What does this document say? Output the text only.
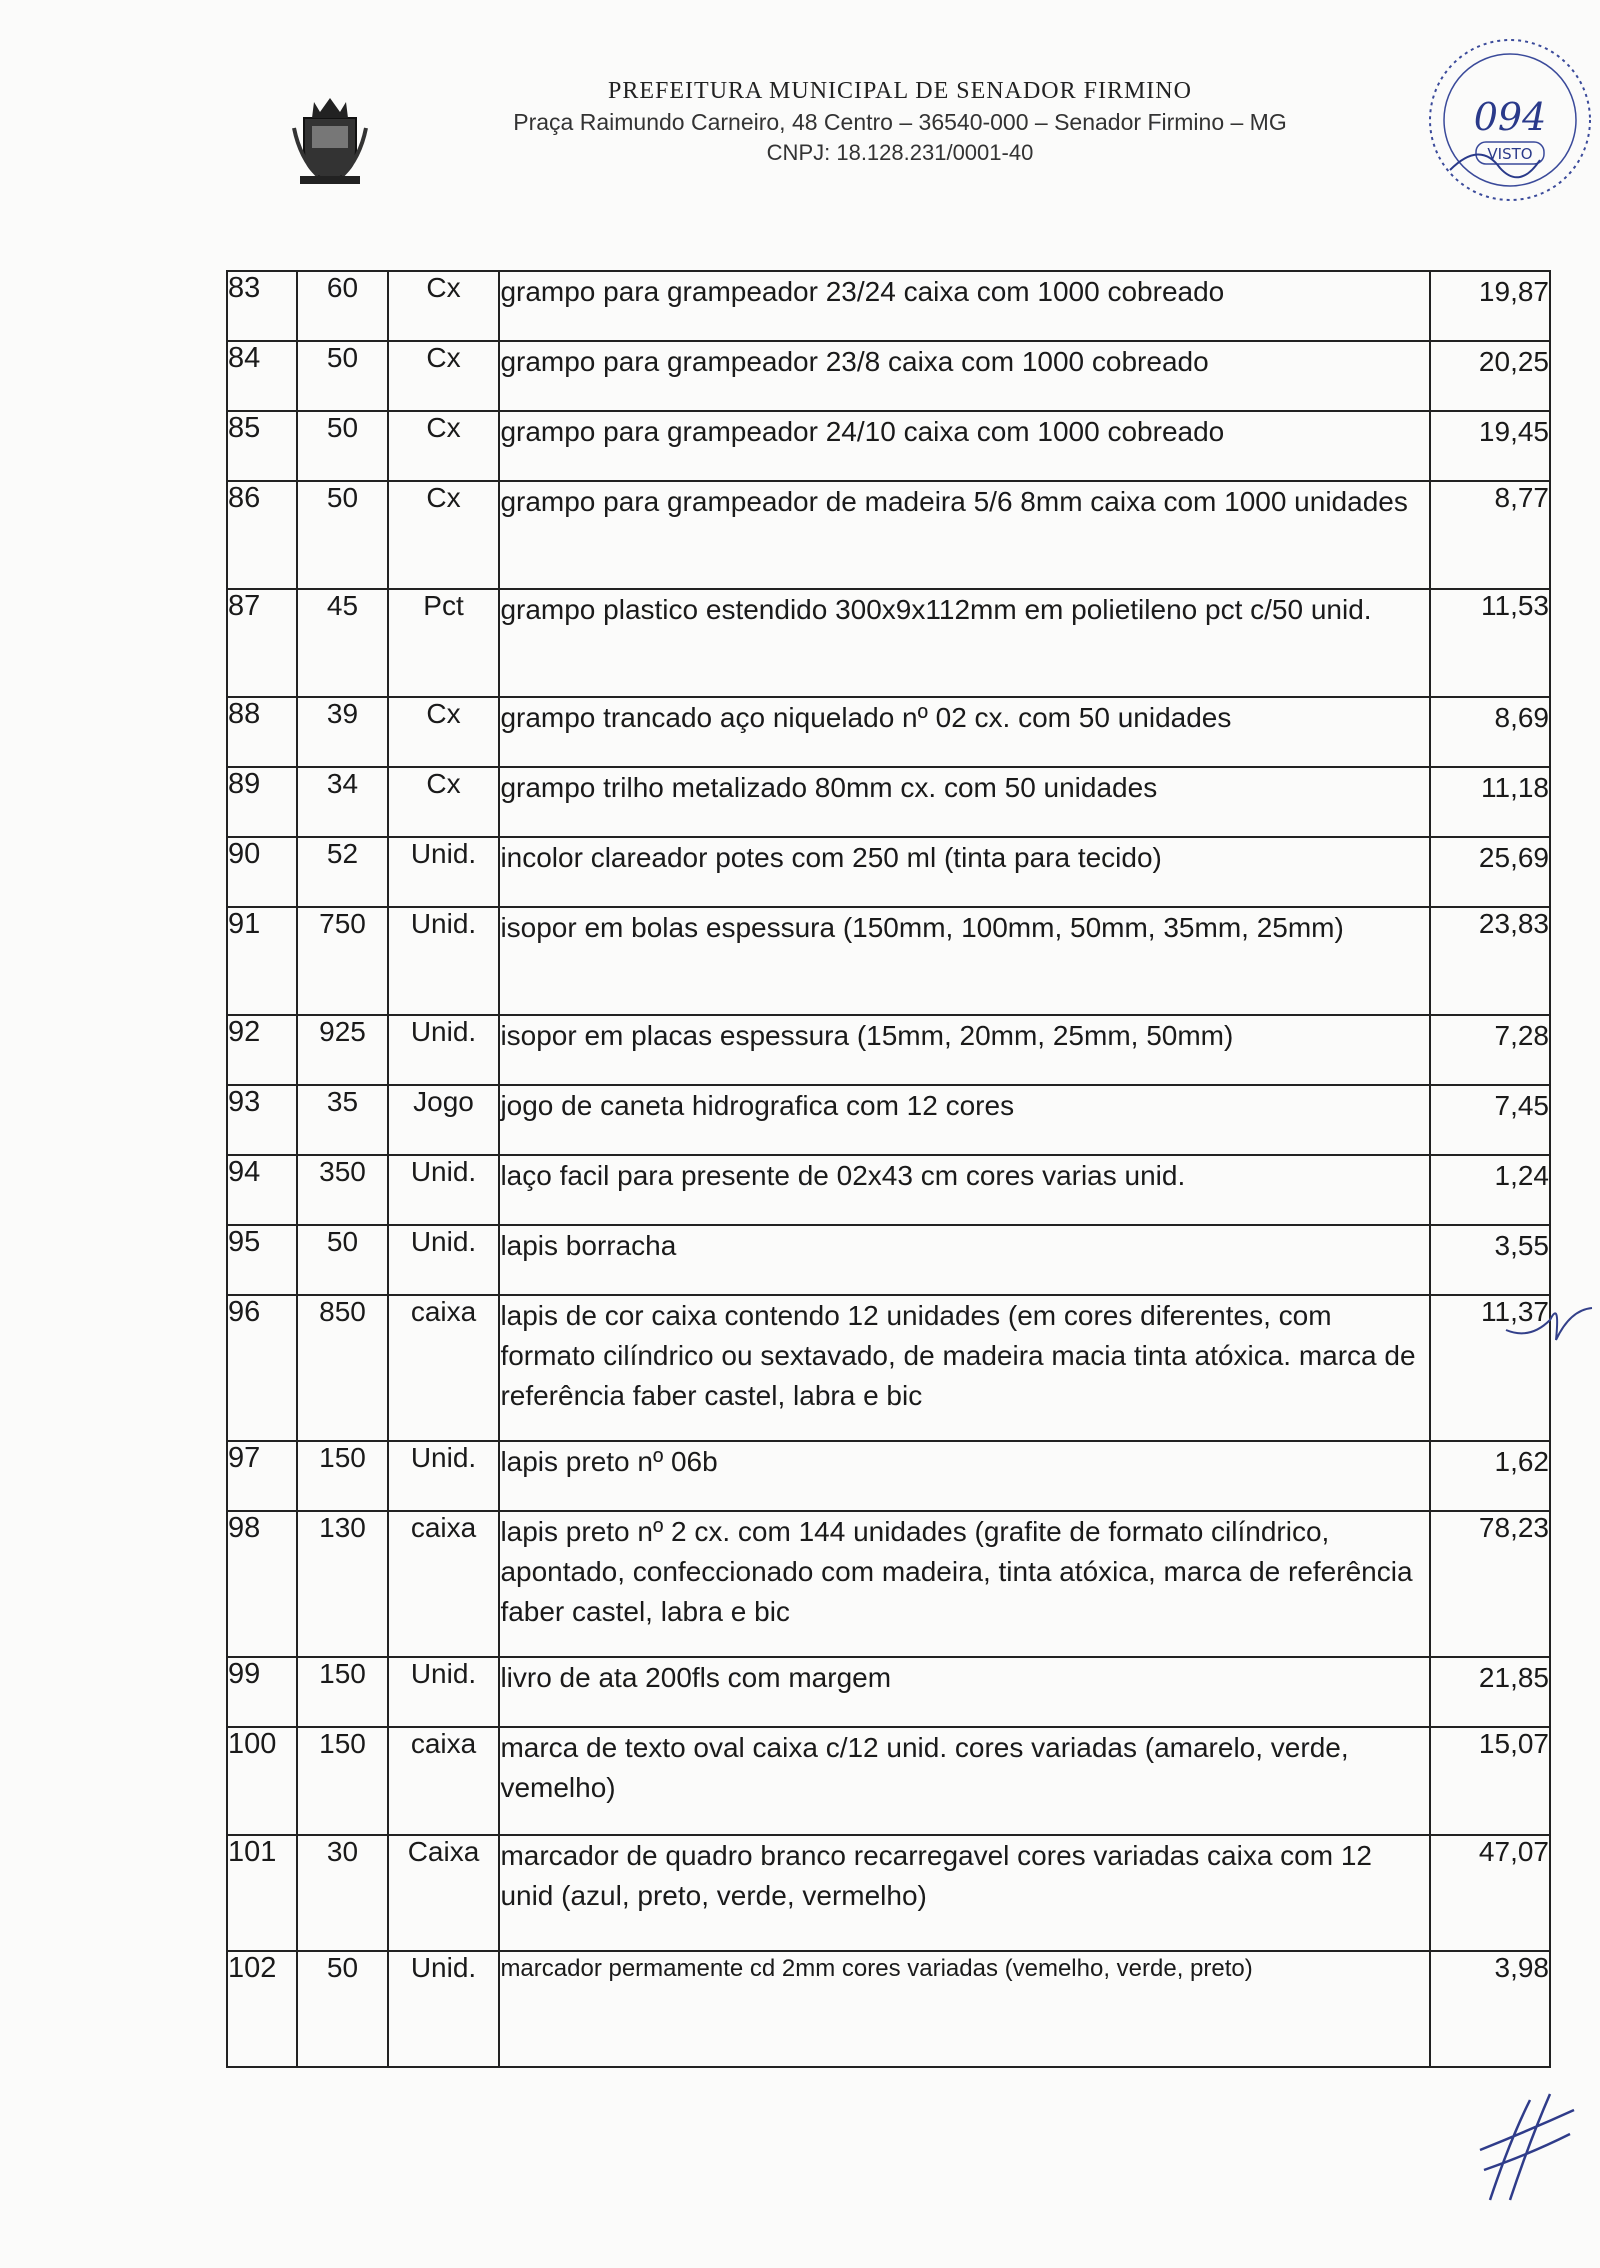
PREFEITURA MUNICIPAL DE SENADOR FIRMINO
Praça Raimundo Carneiro, 48 Centro – 36540-000 – Senador Firmino – MG
CNPJ: 18.128.231/0001-40
094
VISTO
83	60	Cx	grampo para grampeador 23/24 caixa com 1000 cobreado	19,87
84	50	Cx	grampo para grampeador 23/8 caixa com 1000 cobreado	20,25
85	50	Cx	grampo para grampeador 24/10 caixa com 1000 cobreado	19,45
86	50	Cx	grampo para grampeador de madeira 5/6 8mm caixa com 1000 unidades	8,77
87	45	Pct	grampo plastico estendido 300x9x112mm em polietileno pct c/50 unid.	11,53
88	39	Cx	grampo trancado aço niquelado nº 02 cx. com 50 unidades	8,69
89	34	Cx	grampo trilho metalizado 80mm cx. com 50 unidades	11,18
90	52	Unid.	incolor clareador potes com 250 ml (tinta para tecido)	25,69
91	750	Unid.	isopor em bolas espessura (150mm, 100mm, 50mm, 35mm, 25mm)	23,83
92	925	Unid.	isopor em placas espessura (15mm, 20mm, 25mm, 50mm)	7,28
93	35	Jogo	jogo de caneta hidrografica com 12 cores	7,45
94	350	Unid.	laço facil para presente de 02x43 cm cores varias unid.	1,24
95	50	Unid.	lapis borracha	3,55
96	850	caixa	lapis de cor caixa contendo 12 unidades (em cores diferentes, com formato cilíndrico ou sextavado, de madeira macia tinta atóxica. marca de referência faber castel, labra e bic	11,37
97	150	Unid.	lapis preto nº 06b	1,62
98	130	caixa	lapis preto nº 2 cx. com 144 unidades (grafite de formato cilíndrico, apontado, confeccionado com madeira, tinta atóxica, marca de referência faber castel, labra e bic	78,23
99	150	Unid.	livro de ata 200fls com margem	21,85
100	150	caixa	marca de texto oval caixa c/12 unid. cores variadas (amarelo, verde, vemelho)	15,07
101	30	Caixa	marcador de quadro branco recarregavel cores variadas caixa com 12 unid (azul, preto, verde, vermelho)	47,07
102	50	Unid.	marcador permamente cd 2mm cores variadas (vemelho, verde, preto)	3,98
